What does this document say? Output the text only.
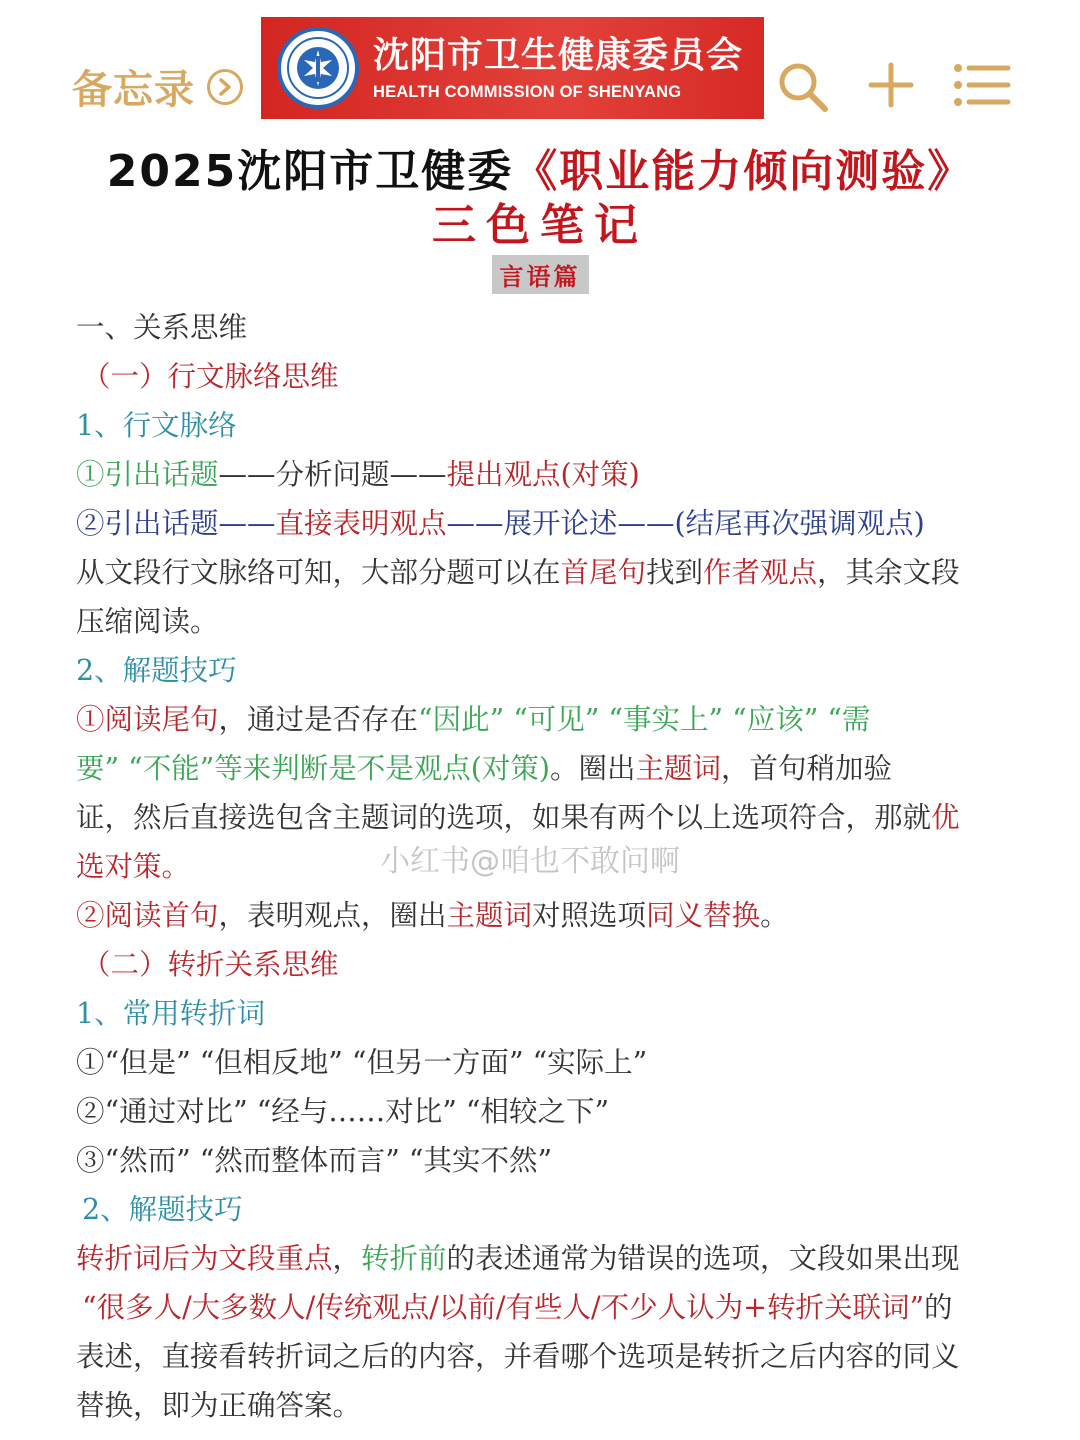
备忘录
沈阳市卫生健康委员会
HEALTH COMMISSION OF SHENYANG
2025沈阳市卫健委《职业能力倾向测验》
三色笔记
言语篇
一、关系思维
（一）行文脉络思维
1、行文脉络
①引出话题——分析问题——提出观点(对策)
②引出话题——直接表明观点——展开论述——(结尾再次强调观点)
从文段行文脉络可知，大部分题可以在首尾句找到作者观点，其余文段
压缩阅读。
2、解题技巧
①阅读尾句，通过是否存在“因此” “可见” “事实上” “应该” “需
要” “不能”等来判断是不是观点(对策)。圈出主题词，首句稍加验
证，然后直接选包含主题词的选项，如果有两个以上选项符合，那就优
选对策。
②阅读首句，表明观点，圈出主题词对照选项同义替换。
（二）转折关系思维
1、常用转折词
①“但是” “但相反地” “但另一方面” “实际上”
②“通过对比” “经与……对比” “相较之下”
③“然而” “然而整体而言” “其实不然”
2、解题技巧
转折词后为文段重点，转折前的表述通常为错误的选项，文段如果出现
“很多人/大多数人/传统观点/以前/有些人/不少人认为+转折关联词”的
表述，直接看转折词之后的内容，并看哪个选项是转折之后内容的同义
替换，即为正确答案。
小红书@咱也不敢问啊
